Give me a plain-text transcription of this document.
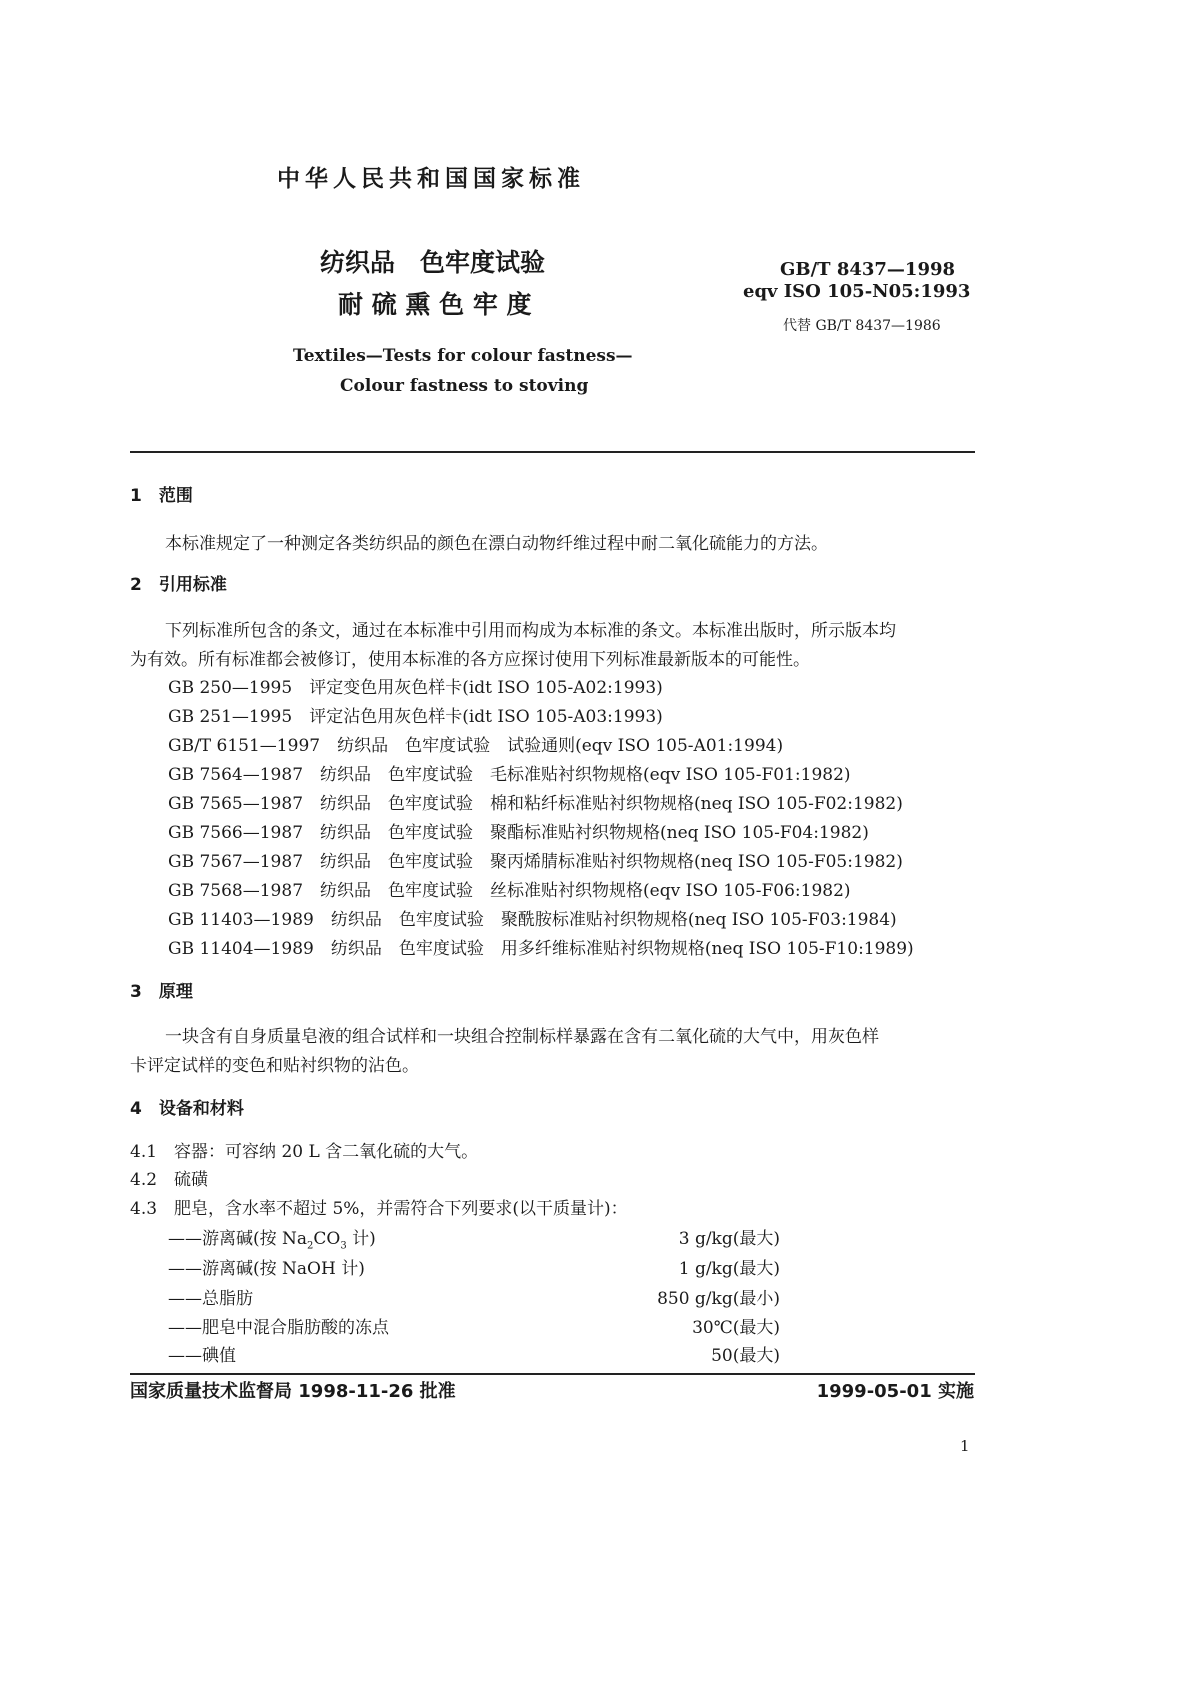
中华人民共和国国家标准
纺织品　色牢度试验
耐 硫 熏 色 牢 度
Textiles—Tests for colour fastness—
Colour fastness to stoving
GB/T 8437—1998
eqv ISO 105-N05:1993
代替 GB/T 8437—1986
1　范围
本标准规定了一种测定各类纺织品的颜色在漂白动物纤维过程中耐二氧化硫能力的方法。
2　引用标准
下列标准所包含的条文，通过在本标准中引用而构成为本标准的条文。本标准出版时，所示版本均
为有效。所有标准都会被修订，使用本标准的各方应探讨使用下列标准最新版本的可能性。
GB 250—1995　评定变色用灰色样卡(idt ISO 105-A02:1993)
GB 251—1995　评定沾色用灰色样卡(idt ISO 105-A03:1993)
GB/T 6151—1997　纺织品　色牢度试验　试验通则(eqv ISO 105-A01:1994)
GB 7564—1987　纺织品　色牢度试验　毛标准贴衬织物规格(eqv ISO 105-F01:1982)
GB 7565—1987　纺织品　色牢度试验　棉和粘纤标准贴衬织物规格(neq ISO 105-F02:1982)
GB 7566—1987　纺织品　色牢度试验　聚酯标准贴衬织物规格(neq ISO 105-F04:1982)
GB 7567—1987　纺织品　色牢度试验　聚丙烯腈标准贴衬织物规格(neq ISO 105-F05:1982)
GB 7568—1987　纺织品　色牢度试验　丝标准贴衬织物规格(eqv ISO 105-F06:1982)
GB 11403—1989　纺织品　色牢度试验　聚酰胺标准贴衬织物规格(neq ISO 105-F03:1984)
GB 11404—1989　纺织品　色牢度试验　用多纤维标准贴衬织物规格(neq ISO 105-F10:1989)
3　原理
一块含有自身质量皂液的组合试样和一块组合控制标样暴露在含有二氧化硫的大气中，用灰色样
卡评定试样的变色和贴衬织物的沾色。
4　设备和材料
4.1　容器：可容纳 20 L 含二氧化硫的大气。
4.2　硫磺
4.3　肥皂，含水率不超过 5%，并需符合下列要求(以干质量计)：
——游离碱(按 $Na_2CO_3$ 计)	3 g/kg(最大)
——游离碱(按 NaOH 计)	1 g/kg(最大)
——总脂肪	850 g/kg(最小)
——肥皂中混合脂肪酸的冻点	30℃(最大)
——碘值	50(最大)
国家质量技术监督局 1998-11-26 批准	1999-05-01 实施
1
